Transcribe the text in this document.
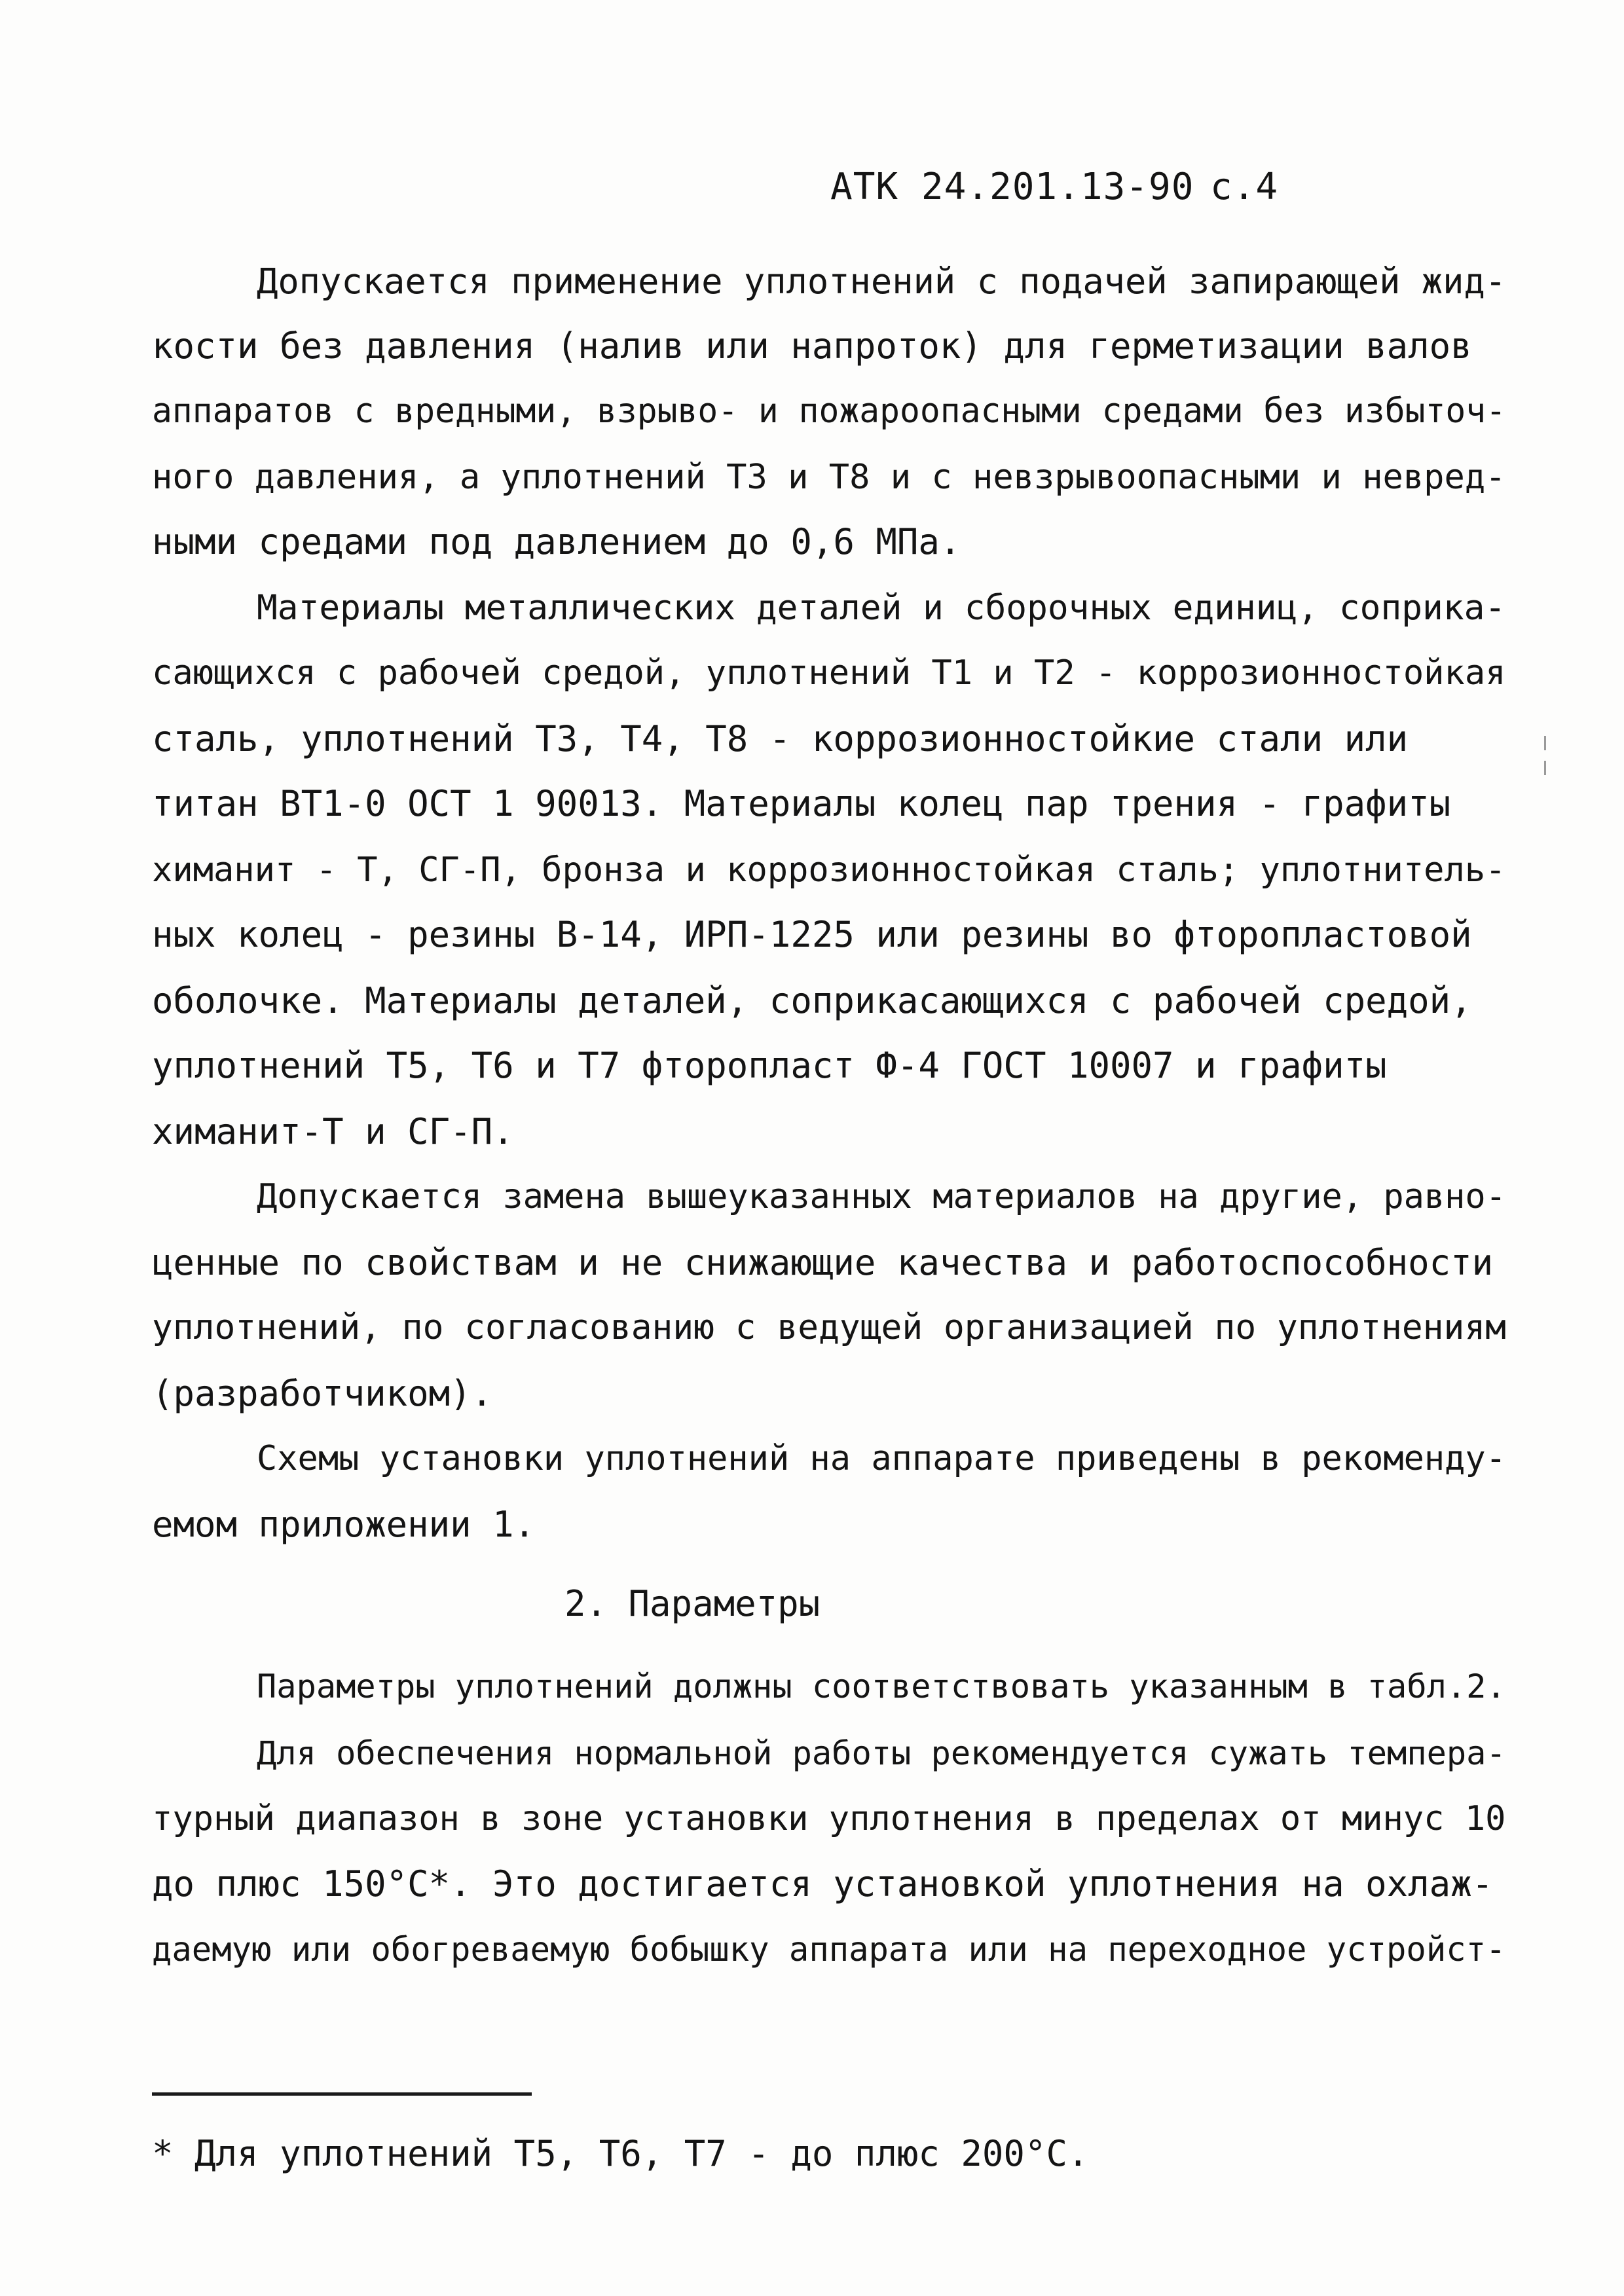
АТК 24.201.13-90 с.4
Допускается применение уплотнений с подачей запирающей жид-
кости без давления (налив или напроток) для герметизации валов
аппаратов с вредными, взрыво- и пожароопасными средами без избыточ-
ного давления, а уплотнений Т3 и Т8 и с невзрывоопасными и невред-
ными средами под давлением до 0,6 МПа.
Материалы металлических деталей и сборочных единиц, соприка-
сающихся с рабочей средой, уплотнений Т1 и Т2 - коррозионностойкая
сталь, уплотнений Т3, Т4, Т8 - коррозионностойкие стали или
титан ВТ1-0 ОСТ 1 90013. Материалы колец пар трения - графиты
химанит - Т, СГ-П, бронза и коррозионностойкая сталь; уплотнитель-
ных колец - резины В-14, ИРП-1225 или резины во фторопластовой
оболочке. Материалы деталей, соприкасающихся с рабочей средой,
уплотнений Т5, Т6 и Т7 фторопласт Ф-4 ГОСТ 10007 и графиты
химанит-Т и СГ-П.
Допускается замена вышеуказанных материалов на другие, равно-
ценные по свойствам и не снижающие качества и работоспособности
уплотнений, по согласованию с ведущей организацией по уплотнениям
(разработчиком).
Схемы установки уплотнений на аппарате приведены в рекоменду-
емом приложении 1.
2. Параметры
Параметры уплотнений должны соответствовать указанным в табл.2.
Для обеспечения нормальной работы рекомендуется сужать темпера-
турный диапазон в зоне установки уплотнения в пределах от минус 10
до плюс 150°С*. Это достигается установкой уплотнения на охлаж-
даемую или обогреваемую бобышку аппарата или на переходное устройст-
* Для уплотнений Т5, Т6, Т7 - до плюс 200°С.
